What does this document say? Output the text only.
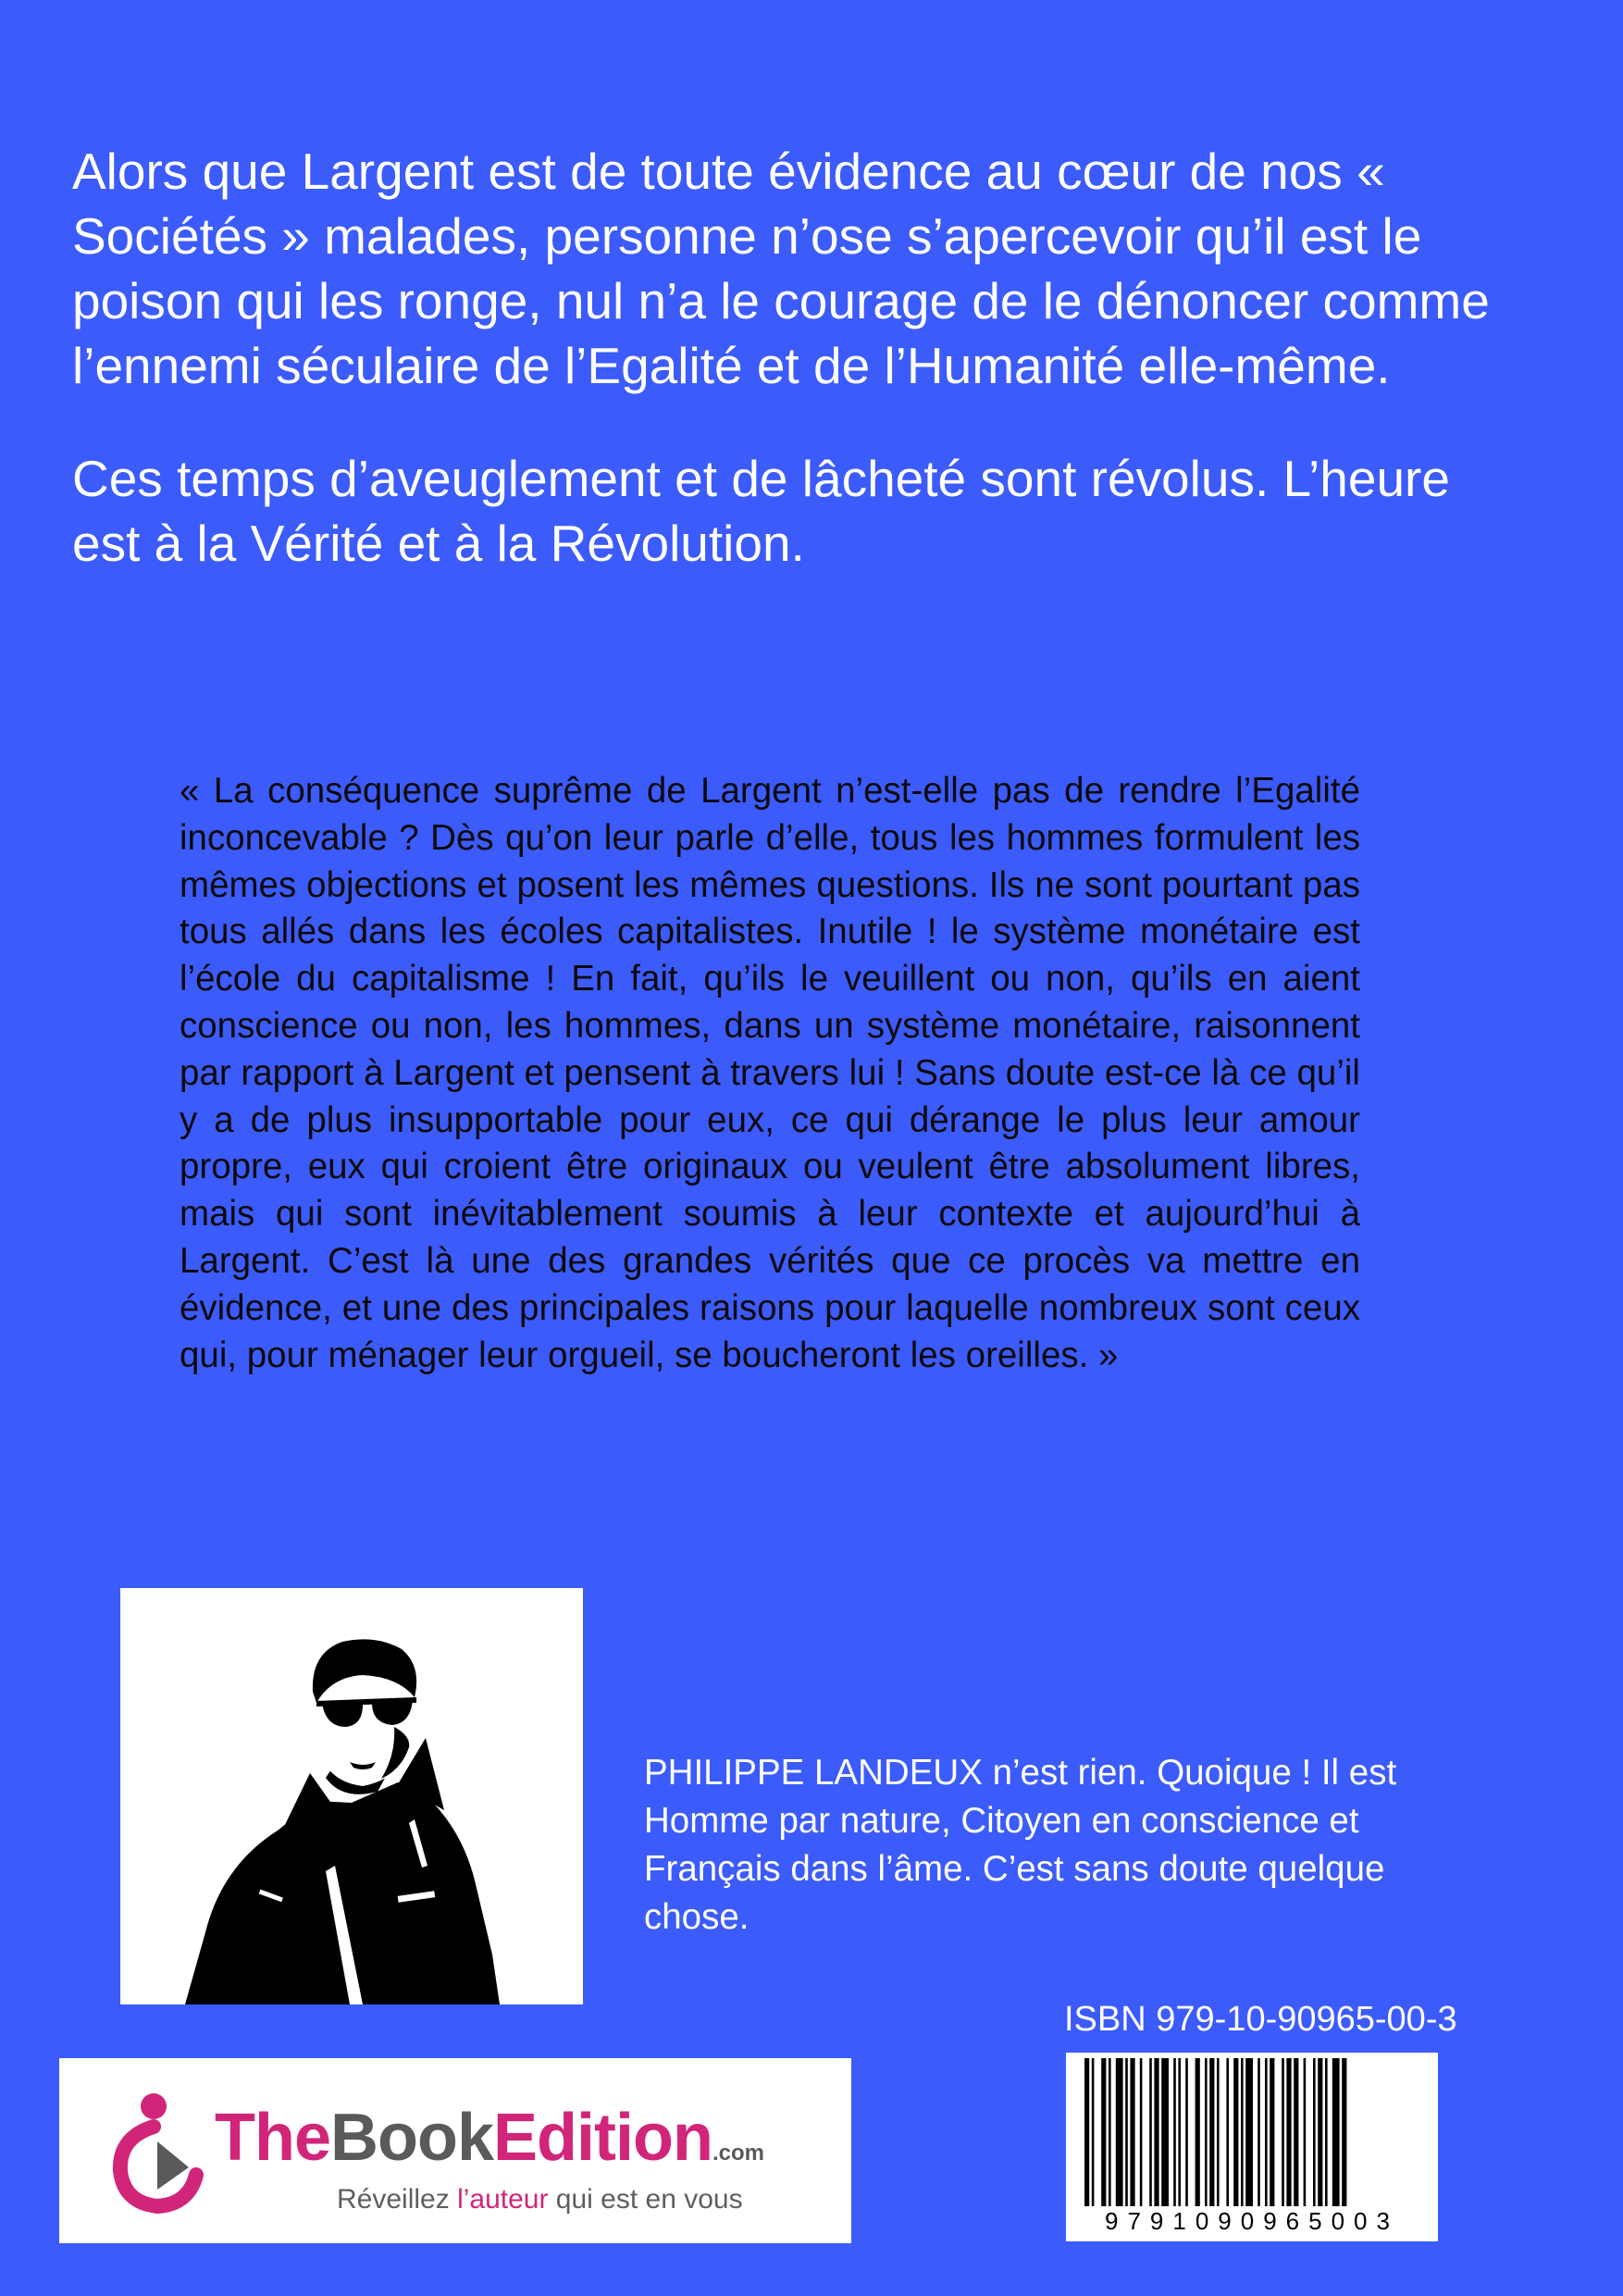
Alors que Largent est de toute évidence au cœur de nos « Sociétés » malades, personne n’ose s’apercevoir qu’il est le poison qui les ronge, nul n’a le courage de le dénoncer comme l’ennemi séculaire de l’Egalité et de l’Humanité elle-même.

Ces temps d’aveuglement et de lâcheté sont révolus. L’heure est à la Vérité et à la Révolution.

« La conséquence suprême de Largent n’est-elle pas de rendre l’Egalité inconcevable ? Dès qu’on leur parle d’elle, tous les hommes formulent les mêmes objections et posent les mêmes questions. Ils ne sont pourtant pas tous allés dans les écoles capitalistes. Inutile ! le système monétaire est l’école du capitalisme ! En fait, qu’ils le veuillent ou non, qu’ils en aient conscience ou non, les hommes, dans un système monétaire, raisonnent par rapport à Largent et pensent à travers lui ! Sans doute est-ce là ce qu’il y a de plus insupportable pour eux, ce qui dérange le plus leur amour propre, eux qui croient être originaux ou veulent être absolument libres, mais qui sont inévitablement soumis à leur contexte et aujourd’hui à Largent. C’est là une des grandes vérités que ce procès va mettre en évidence, et une des principales raisons pour laquelle nombreux sont ceux qui, pour ménager leur orgueil, se boucheront les oreilles. »
PHILIPPE LANDEUX n’est rien. Quoique ! Il est Homme par nature, Citoyen en conscience et Français dans l’âme. C’est sans doute quelque chose.
ISBN 979-10-90965-00-3
9791090965003
TheBookEdition.com
Réveillez l’auteur qui est en vous
